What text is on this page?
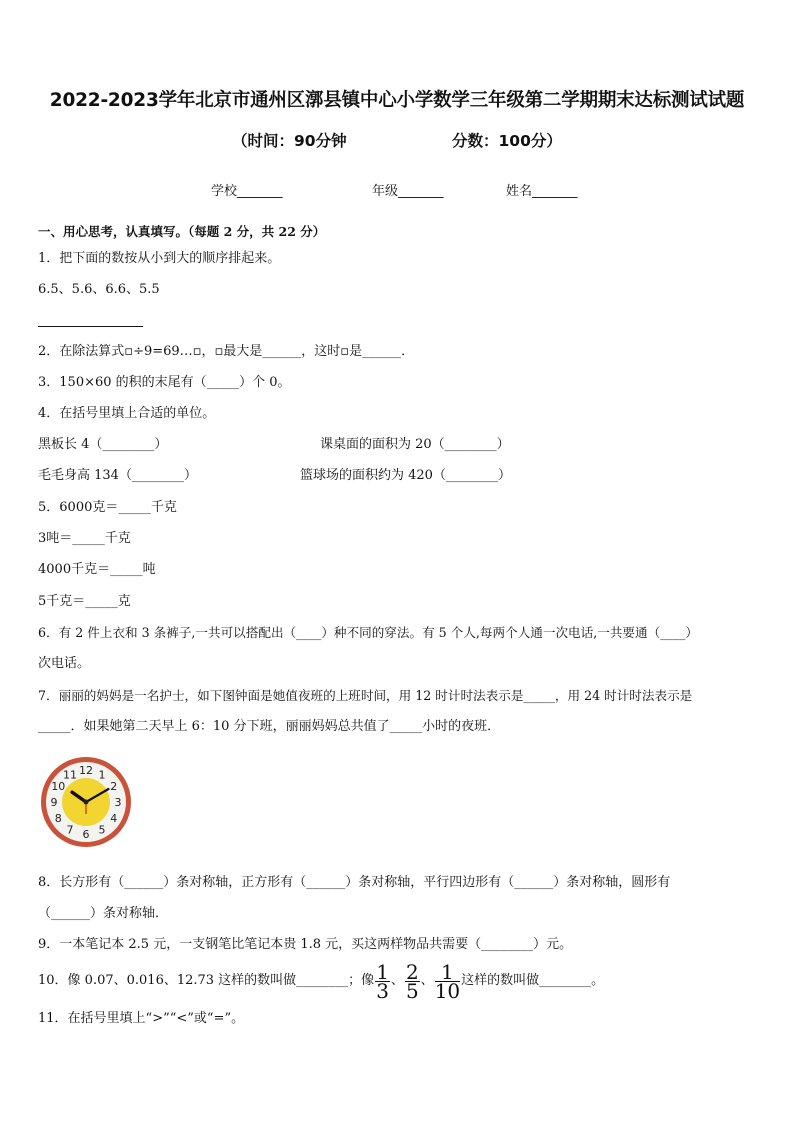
2022-2023学年北京市通州区漷县镇中心小学数学三年级第二学期期末达标测试试题
（时间：90分钟	分数：100分）
学校_______	年级_______	姓名_______
一、用心思考，认真填写。（每题 2 分，共 22 分）
1．把下面的数按从小到大的顺序排起来。
6.5、5.6、6.6、5.5
2．在除法算式▫÷9=69…▫，▫最大是______，这时▫是______．
3．150×60 的积的末尾有（_____）个 0。
4．在括号里填上合适的单位。
黑板长 4（________）	课桌面的面积为 20（________）
毛毛身高 134（________）	篮球场的面积约为 420（________）
5．6000克＝_____千克
3吨＝_____千克
4000千克＝_____吨
5千克＝_____克
6．有 2 件上衣和 3 条裤子,一共可以搭配出（____）种不同的穿法。有 5 个人,每两个人通一次电话,一共要通（____）
次电话。
7．丽丽的妈妈是一名护士，如下图钟面是她值夜班的上班时间，用 12 时计时法表示是_____，用 24 时计时法表示是
_____．如果她第二天早上 6：10 分下班，丽丽妈妈总共值了_____小时的夜班．
12 1
2
3
4
5
6
7
8
9
10
11
8．长方形有（______）条对称轴，正方形有（______）条对称轴，平行四边形有（______）条对称轴，圆形有
（______）条对称轴．
9．一本笔记本 2.5 元，一支钢笔比笔记本贵 1.8 元，买这两样物品共需要（________）元。
10．像 0.07、0.016、12.73 这样的数叫做________；像 $\frac{1}{3}$ 、 $\frac{2}{5}$ 、 $\frac{1}{10}$ 这样的数叫做________。
11．在括号里填上“>”“<”或“=”。
